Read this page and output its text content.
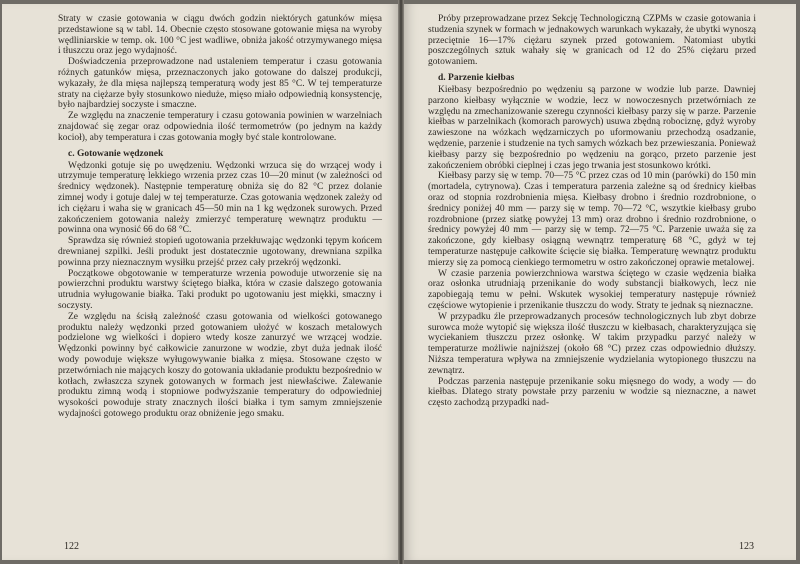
Straty w czasie gotowania w ciągu dwóch godzin niektórych gatunków mięsa przedstawione są w tabl. 14. Obecnie często stosowane gotowanie mięsa na wyroby wędliniarskie w temp. ok. 100 °C jest wadliwe, obniża jakość otrzymywanego mięsa i tłuszczu oraz jego wydajność.

Doświadczenia przeprowadzone nad ustaleniem temperatur i czasu gotowania różnych gatunków mięsa, przeznaczonych jako gotowane do dalszej produkcji, wykazały, że dla mięsa najlepszą temperaturą wody jest 85 °C. W tej temperaturze straty na ciężarze były stosunkowo nieduże, mięso miało odpowiednią konsystencję, było najbardziej soczyste i smaczne.

Ze względu na znaczenie temperatury i czasu gotowania powinien w warzelniach znajdować się zegar oraz odpowiednia ilość termometrów (po jednym na każdy kocioł), aby temperatura i czas gotowania mogły być stale kontrolowane.

c. Gotowanie wędzonek

Wędzonki gotuje się po uwędzeniu. Wędzonki wrzuca się do wrzącej wody i utrzymuje temperaturę lekkiego wrzenia przez czas 10—20 minut (w zależności od średnicy wędzonek). Następnie temperaturę obniża się do 82 °C przez dolanie zimnej wody i gotuje dalej w tej temperaturze. Czas gotowania wędzonek zależy od ich ciężaru i waha się w granicach 45—50 min na 1 kg wędzonek surowych. Przed zakończeniem gotowania należy zmierzyć temperaturę wewnątrz produktu — powinna ona wynosić 66 do 68 °C.

Sprawdza się również stopień ugotowania przekłuwając wędzonki tępym końcem drewnianej szpilki. Jeśli produkt jest dostatecznie ugotowany, drewniana szpilka powinna przy nieznacznym wysiłku przejść przez cały przekrój wędzonki.

Początkowe obgotowanie w temperaturze wrzenia powoduje utworzenie się na powierzchni produktu warstwy ściętego białka, która w czasie dalszego gotowania utrudnia wyługowanie białka. Taki produkt po ugotowaniu jest miękki, smaczny i soczysty.

Ze względu na ścisłą zależność czasu gotowania od wielkości gotowanego produktu należy wędzonki przed gotowaniem ułożyć w koszach metalowych podzielone wg wielkości i dopiero wtedy kosze zanurzyć we wrzącej wodzie. Wędzonki powinny być całkowicie zanurzone w wodzie, zbyt duża jednak ilość wody powoduje większe wyługowywanie białka z mięsa. Stosowane często w przetwórniach nie mających koszy do gotowania układanie produktu bezpośrednio w kotłach, zwłaszcza szynek gotowanych w formach jest niewłaściwe. Zalewanie produktu zimną wodą i stopniowe podwyższanie temperatury do odpowiedniej wysokości powoduje straty znacznych ilości białka i tym samym zmniejszenie wydajności gotowego produktu oraz obniżenie jego smaku.

122

Próby przeprowadzane przez Sekcję Technologiczną CZPMs w czasie gotowania i studzenia szynek w formach w jednakowych warunkach wykazały, że ubytki wynoszą przeciętnie 16—17% ciężaru szynek przed gotowaniem. Natomiast ubytki poszczególnych sztuk wahały się w granicach od 12 do 25% ciężaru przed gotowaniem.

d. Parzenie kiełbas

Kiełbasy bezpośrednio po wędzeniu są parzone w wodzie lub parze. Dawniej parzono kiełbasy wyłącznie w wodzie, lecz w nowoczesnych przetwórniach ze względu na zmechanizowanie szeregu czynności kiełbasy parzy się w parze. Parzenie kiełbas w parzelnikach (komorach parowych) usuwa zbędną robociznę, gdyż wyroby zawieszone na wózkach wędzarniczych po uformowaniu przechodzą osadzanie, wędzenie, parzenie i studzenie na tych samych wózkach bez przewieszania. Ponieważ kiełbasy parzy się bezpośrednio po wędzeniu na gorąco, przeto parzenie jest zakończeniem obróbki cieplnej i czas jego trwania jest stosunkowo krótki.

Kiełbasy parzy się w temp. 70—75 °C przez czas od 10 min (parówki) do 150 min (mortadela, cytrynowa). Czas i temperatura parzenia zależne są od średnicy kiełbas oraz od stopnia rozdrobnienia mięsa. Kiełbasy drobno i średnio rozdrobnione, o średnicy poniżej 40 mm — parzy się w temp. 70—72 °C, wszytkie kiełbasy grubo rozdrobnione (przez siatkę powyżej 13 mm) oraz drobno i średnio rozdrobnione, o średnicy powyżej 40 mm — parzy się w temp. 72—75 °C. Parzenie uważa się za zakończone, gdy kiełbasy osiągną wewnątrz temperaturę 68 °C, gdyż w tej temperaturze następuje całkowite ścięcie się białka. Temperaturę wewnątrz produktu mierzy się za pomocą cienkiego termometru w ostro zakończonej oprawie metalowej.

W czasie parzenia powierzchniowa warstwa ściętego w czasie wędzenia białka oraz osłonka utrudniają przenikanie do wody substancji białkowych, lecz nie zapobiegają temu w pełni. Wskutek wysokiej temperatury następuje również częściowe wytopienie i przenikanie tłuszczu do wody. Straty te jednak są nieznaczne.

W przypadku źle przeprowadzanych procesów technologicznych lub zbyt dobrze surowca może wytopić się większa ilość tłuszczu w kiełbasach, charakteryzująca się wyciekaniem tłuszczu przez osłonkę. W takim przypadku parzyć należy w temperaturze możliwie najniższej (około 68 °C) przez czas odpowiednio dłuższy. Niższa temperatura wpływa na zmniejszenie wydzielania wytopionego tłuszczu na zewnątrz.

Podczas parzenia następuje przenikanie soku mięsnego do wody, a wody — do kiełbas. Dlatego straty powstałe przy parzeniu w wodzie są nieznaczne, a nawet często zachodzą przypadki nad-

123
